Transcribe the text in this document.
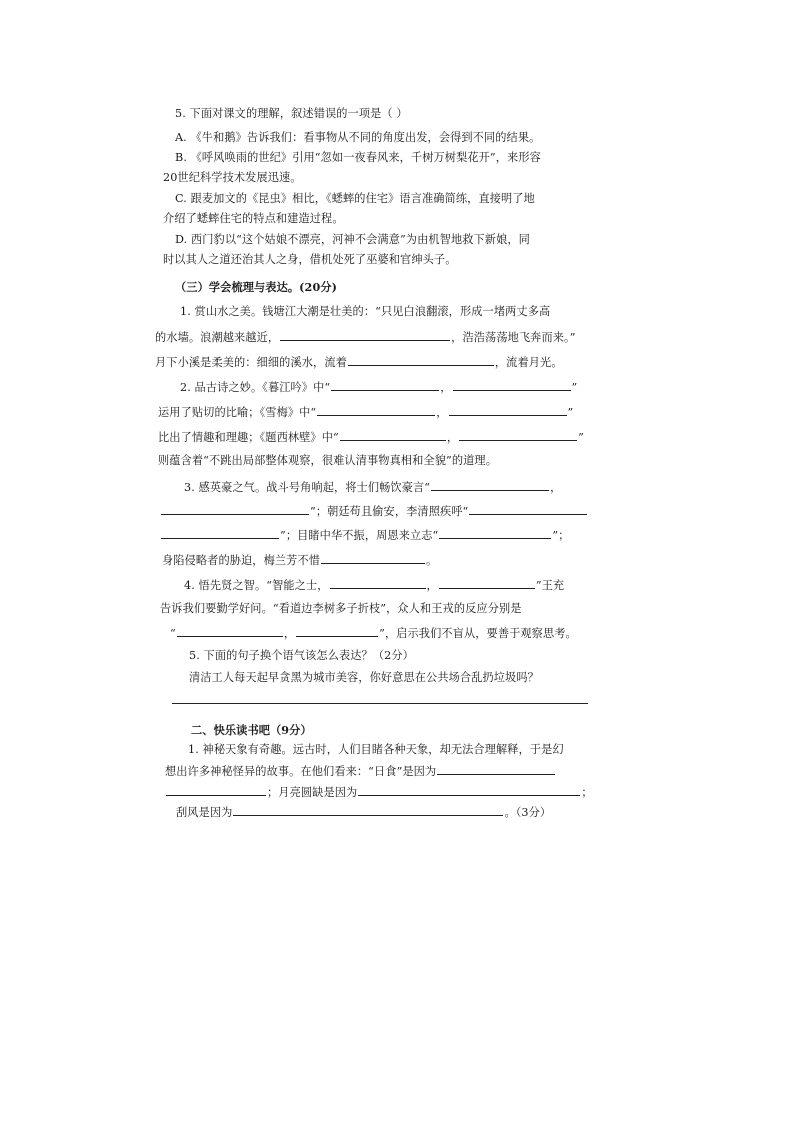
5. 下面对课文的理解，叙述错误的一项是（ ）
A. 《牛和鹅》告诉我们：看事物从不同的角度出发，会得到不同的结果。
B. 《呼风唤雨的世纪》引用“忽如一夜春风来，千树万树梨花开”，来形容
20世纪科学技术发展迅速。
C. 跟麦加文的《昆虫》相比，《蟋蟀的住宅》语言准确简练，直接明了地
介绍了蟋蟀住宅的特点和建造过程。
D. 西门豹以“这个姑娘不漂亮，河神不会满意”为由机智地救下新娘，同
时以其人之道还治其人之身，借机处死了巫婆和官绅头子。
（三）学会梳理与表达。(20分)
1. 赏山水之美。钱塘江大潮是壮美的：“只见白浪翻滚，形成一堵两丈多高
的水墙。浪潮越来越近，	，浩浩荡荡地飞奔而来。”
月下小溪是柔美的：细细的溪水，流着	，流着月光。
2. 品古诗之妙。《暮江吟》中“	，	”
运用了贴切的比喻；《雪梅》中“	，	”
比出了情趣和理趣；《题西林壁》中“	，	”
则蕴含着“不跳出局部整体观察，很难认清事物真相和全貌”的道理。
3. 感英豪之气。战斗号角响起，将士们畅饮豪言“	，
”；朝廷苟且偷安，李清照疾呼“
”；目睹中华不振，周恩来立志“	”；
身陷侵略者的胁迫，梅兰芳不惜	。
4. 悟先贤之智。“智能之士，	，	”王充
告诉我们要勤学好问。“看道边李树多子折枝”，众人和王戎的反应分别是
“	，	”，启示我们不盲从，要善于观察思考。
5. 下面的句子换个语气该怎么表达？（2分）
清洁工人每天起早贪黑为城市美容，你好意思在公共场合乱扔垃圾吗？
二、快乐读书吧（9分）
1. 神秘天象有奇趣。远古时，人们目睹各种天象，却无法合理解释，于是幻
想出许多神秘怪异的故事。在他们看来：“日食”是因为
；月亮圆缺是因为	；
刮风是因为	。（3分）
